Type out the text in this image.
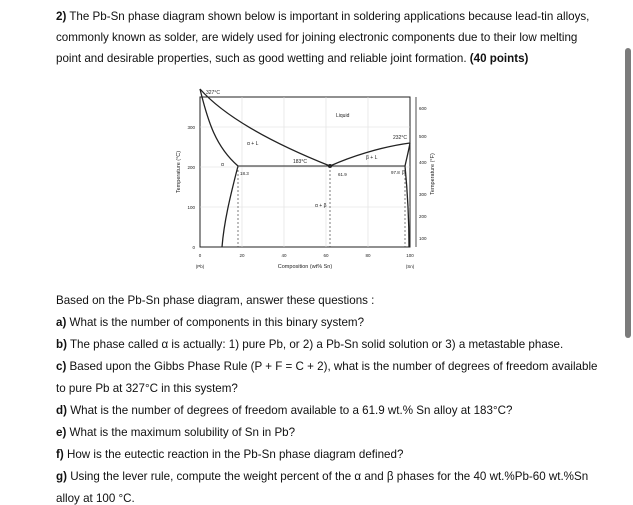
2) The Pb-Sn phase diagram shown below is important in soldering applications because lead-tin alloys, commonly known as solder, are widely used for joining electronic components due to their low melting point and desirable properties, such as good wetting and reliable joint formation. (40 points)
327°C
232°C
Liquid
α + L
β + L
183°C
α
β
α + β
18.3	61.9	97.8
0
100
200
300
Temperature (°C)
100
200
300
400
500
600
Temperature (°F)
0	20	40	60	80	100
(Pb)	(Sn)
Composition (wt% Sn)
Based on the Pb-Sn phase diagram, answer these questions :
a) What is the number of components in this binary system?
b) The phase called α is actually: 1) pure Pb, or 2) a Pb-Sn solid solution or 3) a metastable phase.
c) Based upon the Gibbs Phase Rule (P + F = C + 2), what is the number of degrees of freedom available
to pure Pb at 327°C in this system?
d) What is the number of degrees of freedom available to a 61.9 wt.% Sn alloy at 183°C?
e) What is the maximum solubility of Sn in Pb?
f) How is the eutectic reaction in the Pb-Sn phase diagram defined?
g) Using the lever rule, compute the weight percent of the α and β phases for the 40 wt.%Pb-60 wt.%Sn
alloy at 100 °C.
